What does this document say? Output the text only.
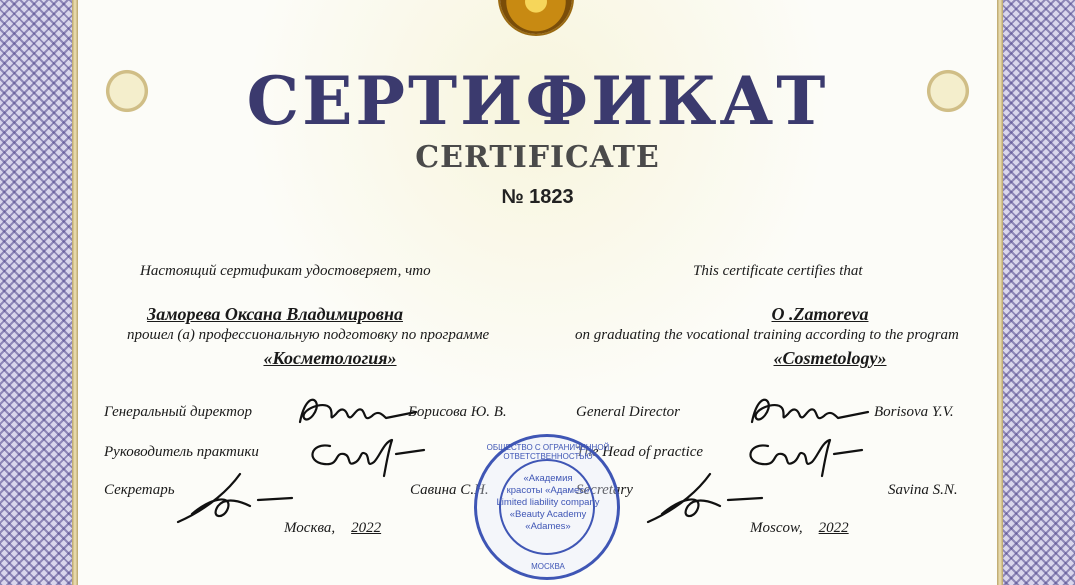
СЕРТИФИКАТ
CERTIFICATE
№ 1823
Настоящий сертификат удостоверяет, что
Заморева Оксана Владимировна
прошел (а) профессиональную подготовку по программе
«Косметология»
Генеральный директор	Борисова Ю. В.
Руководитель практики
Секретарь	Савина С.Н.
Москва, 2022
This certificate certifies that
O .Zamoreva
on graduating the vocational training according to the program
«Cosmetology»
General Director	Borisova Y.V.
The Head of practice
Secretary	Savina S.N.
Moscow, 2022
ОБЩЕСТВО С ОГРАНИЧЕННОЙ ОТВЕТСТВЕННОСТЬЮ
«Академия
красоты «Адамес»
Limited liability company
«Beauty Academy
«Adames»
МОСКВА
